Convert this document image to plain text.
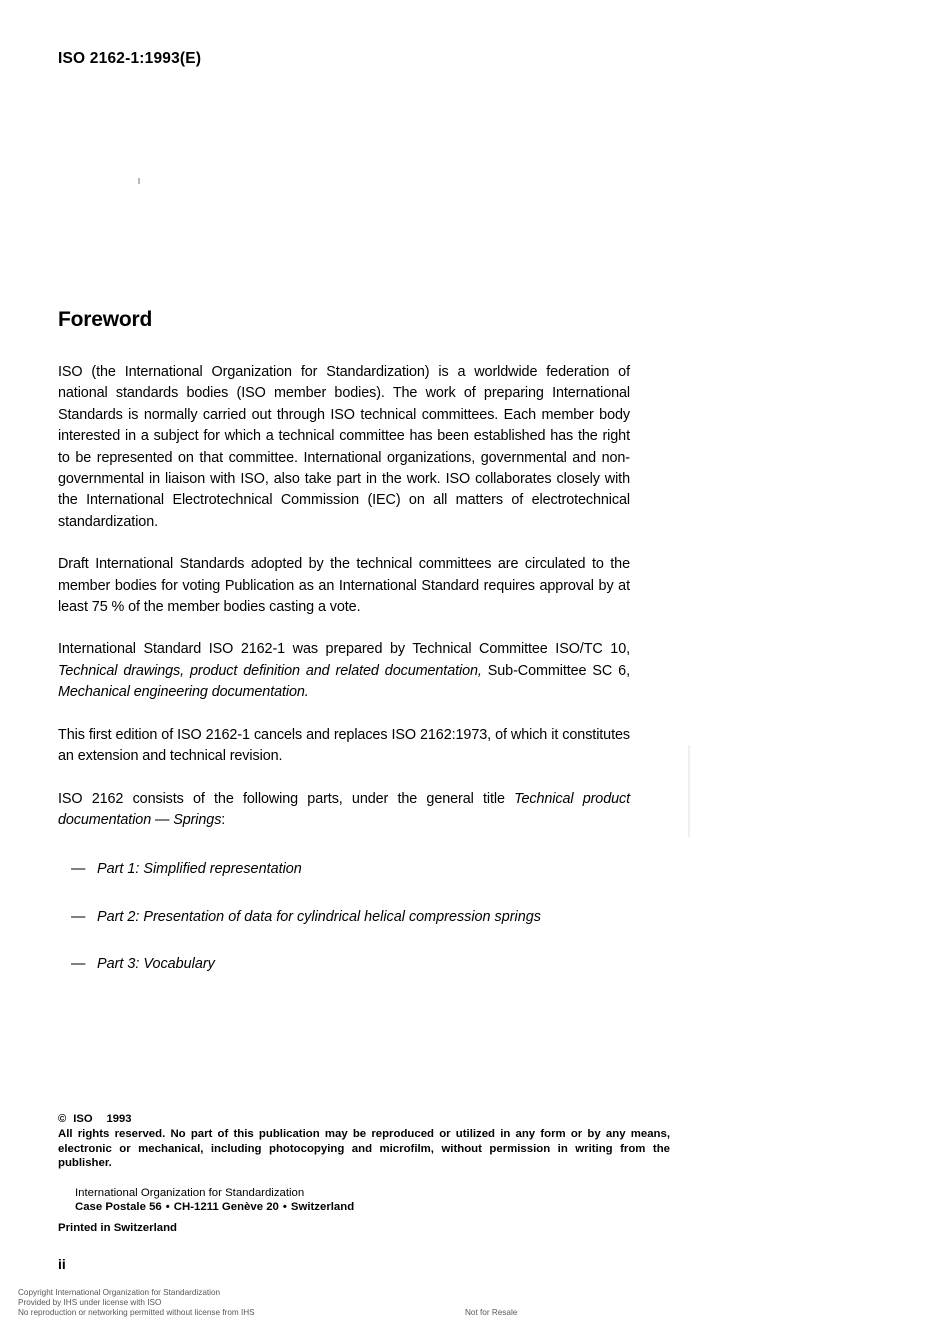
ISO 2162-1:1993(E)
Foreword

ISO (the International Organization for Standardization) is a worldwide federation of national standards bodies (ISO member bodies). The work of preparing International Standards is normally carried out through ISO technical committees. Each member body interested in a subject for which a technical committee has been established has the right to be represented on that committee. International organizations, governmental and non-governmental in liaison with ISO, also take part in the work. ISO collaborates closely with the International Electrotechnical Commission (IEC) on all matters of electrotechnical standardization.

Draft International Standards adopted by the technical committees are circulated to the member bodies for voting Publication as an International Standard requires approval by at least 75 % of the member bodies casting a vote.

International Standard ISO 2162-1 was prepared by Technical Committee ISO/TC 10, Technical drawings, product definition and related documentation, Sub-Committee SC 6, Mechanical engineering documentation.

This first edition of ISO 2162-1 cancels and replaces ISO 2162:1973, of which it constitutes an extension and technical revision.

ISO 2162 consists of the following parts, under the general title Technical product documentation — Springs:

— Part 1: Simplified representation
— Part 2: Presentation of data for cylindrical helical compression springs
— Part 3: Vocabulary
© ISO 1993
All rights reserved. No part of this publication may be reproduced or utilized in any form or by any means, electronic or mechanical, including photocopying and microfilm, without permission in writing from the publisher.
International Organization for Standardization
Case Postale 56 • CH-1211 Genève 20 • Switzerland
Printed in Switzerland
ii
Copyright International Organization for Standardization
Provided by IHS under license with ISO
No reproduction or networking permitted without license from IHS	Not for Resale
